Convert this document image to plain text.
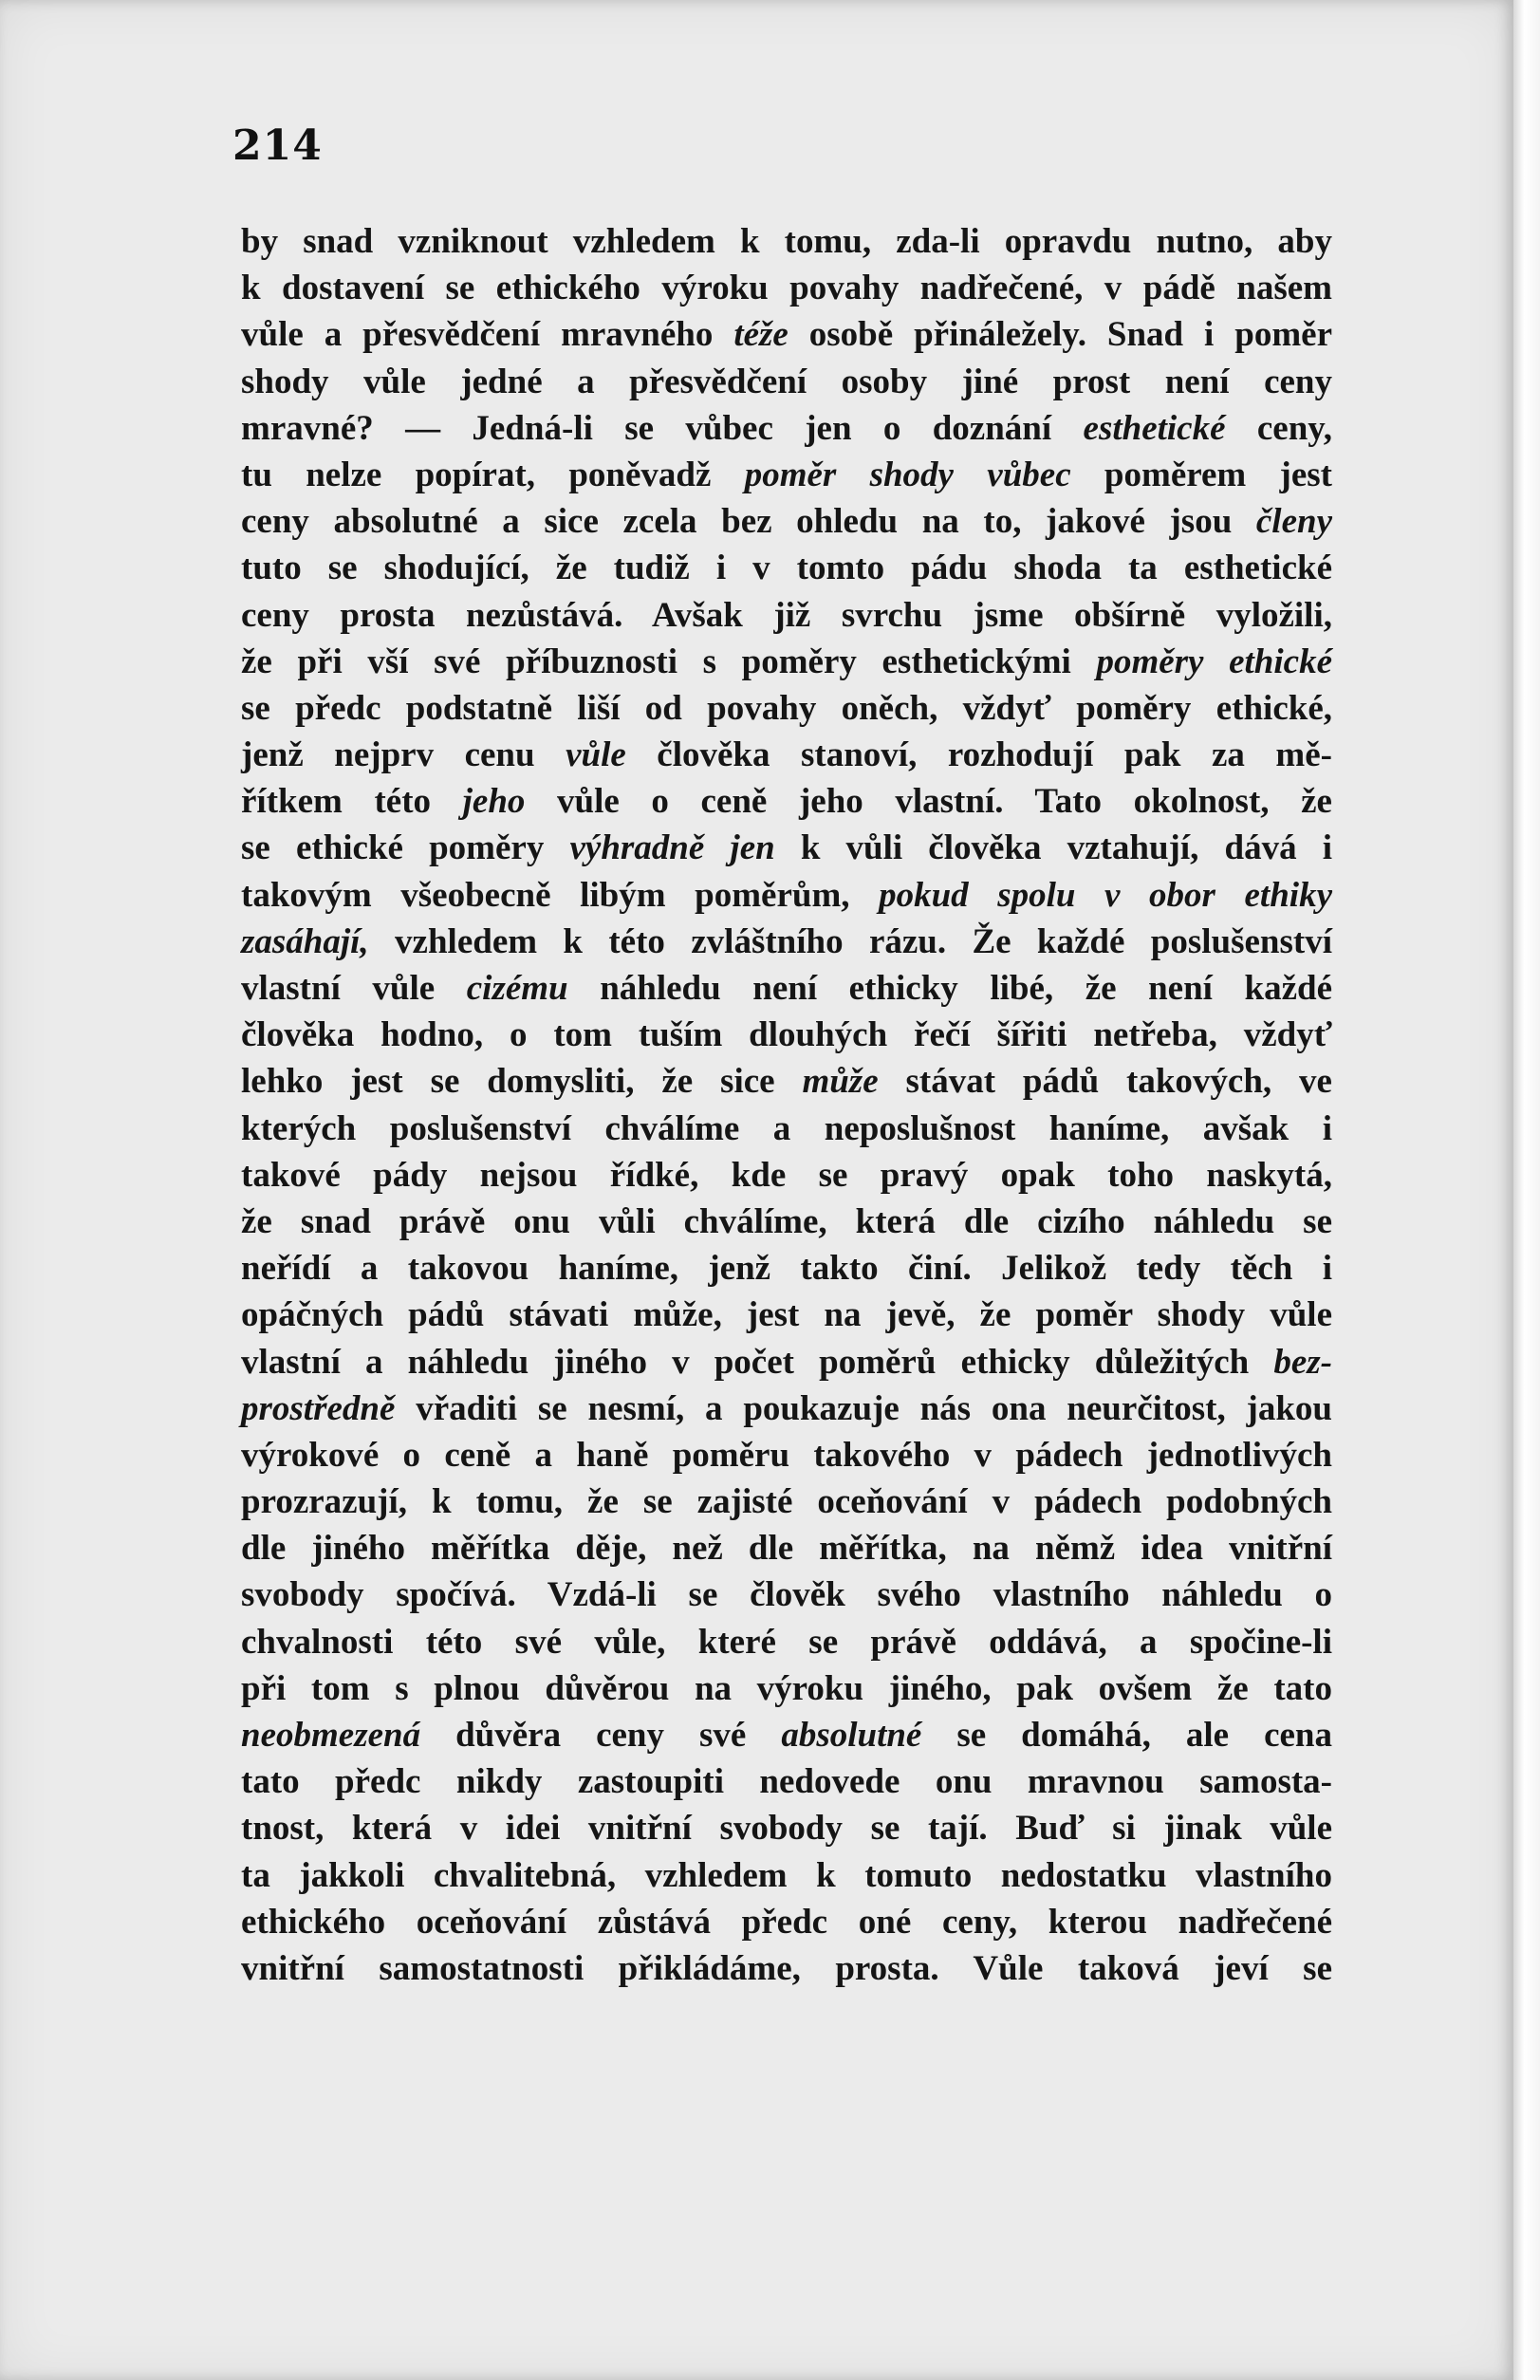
214
by snad vzniknout vzhledem k tomu, zda-li opravdu nutno, aby
k dostavení se ethického výroku povahy nadřečené, v pádě našem
vůle a přesvědčení mravného téže osobě přináležely. Snad i poměr
shody vůle jedné a přesvědčení osoby jiné prost není ceny
mravné? — Jedná-li se vůbec jen o doznání esthetické ceny,
tu nelze popírat, poněvadž poměr shody vůbec poměrem jest
ceny absolutné a sice zcela bez ohledu na to, jakové jsou členy
tuto se shodující, že tudiž i v tomto pádu shoda ta esthetické
ceny prosta nezůstává. Avšak již svrchu jsme obšírně vyložili,
že při vší své příbuznosti s poměry esthetickými poměry ethické
se předc podstatně liší od povahy oněch, vždyť poměry ethické,
jenž nejprv cenu vůle člověka stanoví, rozhodují pak za mě-
řítkem této jeho vůle o ceně jeho vlastní. Tato okolnost, že
se ethické poměry výhradně jen k vůli člověka vztahují, dává i
takovým všeobecně libým poměrům, pokud spolu v obor ethiky
zasáhají, vzhledem k této zvláštního rázu. Že každé poslušenství
vlastní vůle cizému náhledu není ethicky libé, že není každé
člověka hodno, o tom tuším dlouhých řečí šířiti netřeba, vždyť
lehko jest se domysliti, že sice může stávat pádů takových, ve
kterých poslušenství chválíme a neposlušnost haníme, avšak i
takové pády nejsou řídké, kde se pravý opak toho naskytá,
že snad právě onu vůli chválíme, která dle cizího náhledu se
neřídí a takovou haníme, jenž takto činí. Jelikož tedy těch i
opáčných pádů stávati může, jest na jevě, že poměr shody vůle
vlastní a náhledu jiného v počet poměrů ethicky důležitých bez-
prostředně vřaditi se nesmí, a poukazuje nás ona neurčitost, jakou
výrokové o ceně a haně poměru takového v pádech jednotlivých
prozrazují, k tomu, že se zajisté oceňování v pádech podobných
dle jiného měřítka děje, než dle měřítka, na němž idea vnitřní
svobody spočívá. Vzdá-li se člověk svého vlastního náhledu o
chvalnosti této své vůle, které se právě oddává, a spočine-li
při tom s plnou důvěrou na výroku jiného, pak ovšem že tato
neobmezená důvěra ceny své absolutné se domáhá, ale cena
tato předc nikdy zastoupiti nedovede onu mravnou samosta-
tnost, která v idei vnitřní svobody se tají. Buď si jinak vůle
ta jakkoli chvalitebná, vzhledem k tomuto nedostatku vlastního
ethického oceňování zůstává předc oné ceny, kterou nadřečené
vnitřní samostatnosti přikládáme, prosta. Vůle taková jeví se
